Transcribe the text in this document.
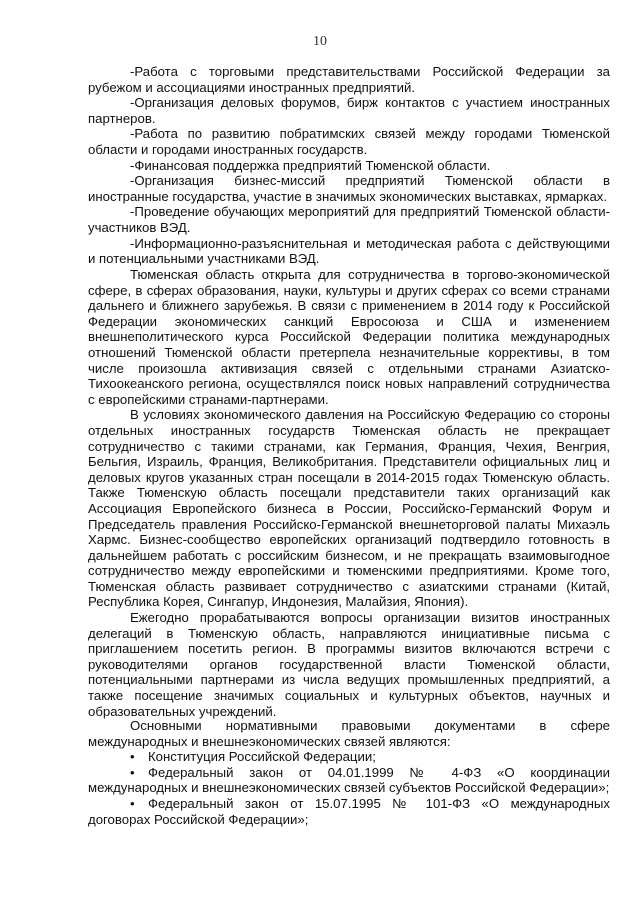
10

-Работа с торговыми представительствами Российской Федерации за рубежом и ассоциациями иностранных предприятий.

-Организация деловых форумов, бирж контактов с участием иностранных партнеров.

-Работа по развитию побратимских связей между городами Тюменской области и городами иностранных государств.

-Финансовая поддержка предприятий Тюменской области.

-Организация бизнес-миссий предприятий Тюменской области в иностранные государства, участие в значимых экономических выставках, ярмарках.

-Проведение обучающих мероприятий для предприятий Тюменской области-участников ВЭД.

-Информационно-разъяснительная и методическая работа с действующими и потенциальными участниками ВЭД.

Тюменская область открыта для сотрудничества в торгово-экономической сфере, в сферах образования, науки, культуры и других сферах со всеми странами дальнего и ближнего зарубежья. В связи с применением в 2014 году к Российской Федерации экономических санкций Евросоюза и США и изменением внешнеполитического курса Российской Федерации политика международных отношений Тюменской области претерпела незначительные коррективы, в том числе произошла активизация связей с отдельными странами Азиатско-Тихоокеанского региона, осуществлялся поиск новых направлений сотрудничества с европейскими странами-партнерами.

В условиях экономического давления на Российскую Федерацию со стороны отдельных иностранных государств Тюменская область не прекращает сотрудничество с такими странами, как Германия, Франция, Чехия, Венгрия, Бельгия, Израиль, Франция, Великобритания. Представители официальных лиц и деловых кругов указанных стран посещали в 2014-2015 годах Тюменскую область. Также Тюменскую область посещали представители таких организаций как Ассоциация Европейского бизнеса в России, Российско-Германский Форум и Председатель правления Российско-Германской внешнеторговой палаты Михаэль Хармс. Бизнес-сообщество европейских организаций подтвердило готовность в дальнейшем работать с российским бизнесом, и не прекращать взаимовыгодное сотрудничество между европейскими и тюменскими предприятиями. Кроме того, Тюменская область развивает сотрудничество с азиатскими странами (Китай, Республика Корея, Сингапур, Индонезия, Малайзия, Япония).

Ежегодно прорабатываются вопросы организации визитов иностранных делегаций в Тюменскую область, направляются инициативные письма с приглашением посетить регион. В программы визитов включаются встречи с руководителями органов государственной власти Тюменской области, потенциальными партнерами из числа ведущих промышленных предприятий, а также посещение значимых социальных и культурных объектов, научных и образовательных учреждений.

Основными нормативными правовыми документами в сфере международных и внешнеэкономических связей являются:

• Конституция Российской Федерации;

• Федеральный закон от 04.01.1999 № 4-ФЗ «О координации международных и внешнеэкономических связей субъектов Российской Федерации»;

• Федеральный закон от 15.07.1995 № 101-ФЗ «О международных договорах Российской Федерации»;
